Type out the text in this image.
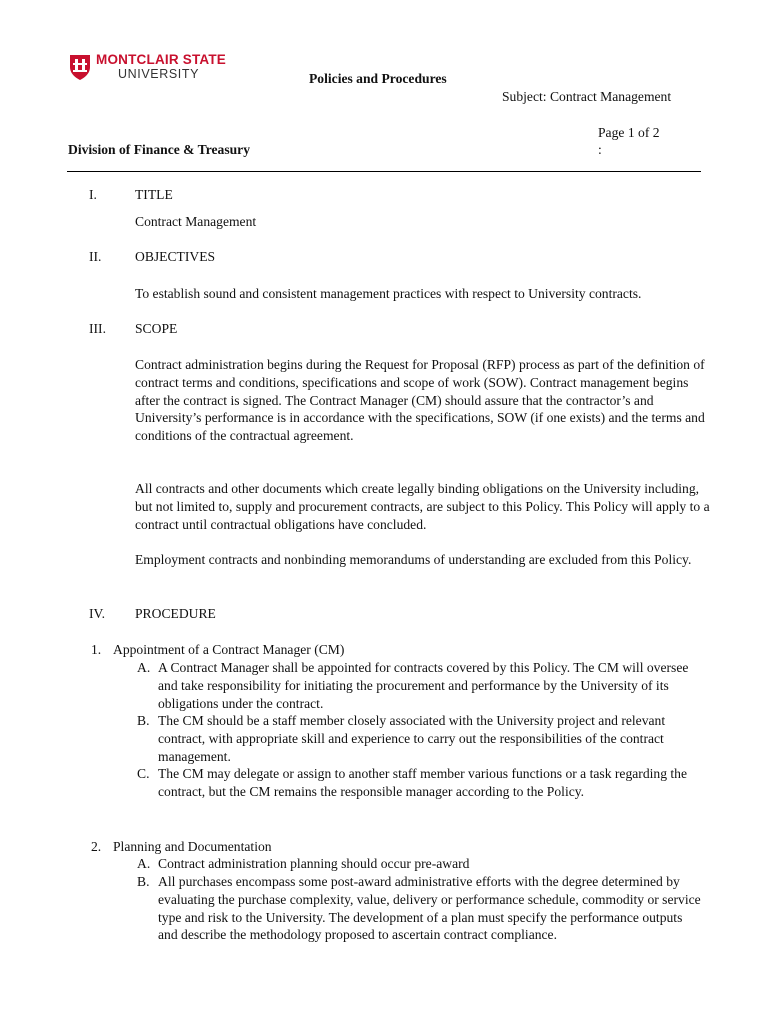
MONTCLAIR STATE
UNIVERSITY	Policies and Procedures
Subject: Contract Management
Page 1 of 2
:
Division of Finance & Treasury
I.	TITLE
Contract Management
II. OBJECTIVES
To establish sound and consistent management practices with respect to University contracts.
III. SCOPE
Contract administration begins during the Request for Proposal (RFP) process as part of the definition of contract terms and conditions, specifications and scope of work (SOW). Contract management begins after the contract is signed. The Contract Manager (CM) should assure that the contractor’s and University’s performance is in accordance with the specifications, SOW (if one exists) and the terms and conditions of the contractual agreement.
All contracts and other documents which create legally binding obligations on the University including, but not limited to, supply and procurement contracts, are subject to this Policy. This Policy will apply to a contract until contractual obligations have concluded.
Employment contracts and nonbinding memorandums of understanding are excluded from this Policy.
IV. PROCEDURE
1. Appointment of a Contract Manager (CM)
A. A Contract Manager shall be appointed for contracts covered by this Policy. The CM will oversee and take responsibility for initiating the procurement and performance by the University of its obligations under the contract.
B. The CM should be a staff member closely associated with the University project and relevant contract, with appropriate skill and experience to carry out the responsibilities of the contract management.
C. The CM may delegate or assign to another staff member various functions or a task regarding the contract, but the CM remains the responsible manager according to the Policy.
2. Planning and Documentation
A. Contract administration planning should occur pre-award
B. All purchases encompass some post-award administrative efforts with the degree determined by evaluating the purchase complexity, value, delivery or performance schedule, commodity or service type and risk to the University. The development of a plan must specify the performance outputs and describe the methodology proposed to ascertain contract compliance.
